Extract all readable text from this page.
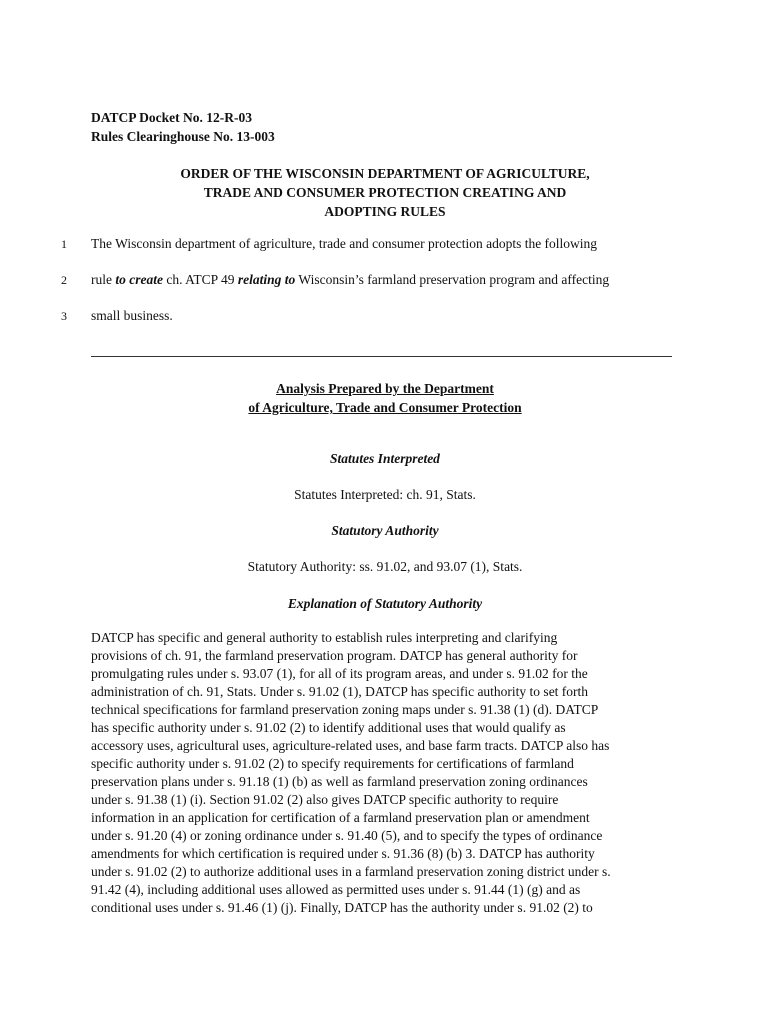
DATCP Docket No. 12-R-03
Rules Clearinghouse No. 13-003
ORDER OF THE WISCONSIN DEPARTMENT OF AGRICULTURE,
TRADE AND CONSUMER PROTECTION CREATING AND
ADOPTING RULES
1 The Wisconsin department of agriculture, trade and consumer protection adopts the following
2 rule to create ch. ATCP 49 relating to Wisconsin’s farmland preservation program and affecting
3 small business.
Analysis Prepared by the Department
of Agriculture, Trade and Consumer Protection
Statutes Interpreted
Statutes Interpreted: ch. 91, Stats.
Statutory Authority
Statutory Authority: ss. 91.02, and 93.07 (1), Stats.
Explanation of Statutory Authority
DATCP has specific and general authority to establish rules interpreting and clarifying
provisions of ch. 91, the farmland preservation program. DATCP has general authority for
promulgating rules under s. 93.07 (1), for all of its program areas, and under s. 91.02 for the
administration of ch. 91, Stats. Under s. 91.02 (1), DATCP has specific authority to set forth
technical specifications for farmland preservation zoning maps under s. 91.38 (1) (d). DATCP
has specific authority under s. 91.02 (2) to identify additional uses that would qualify as
accessory uses, agricultural uses, agriculture-related uses, and base farm tracts. DATCP also has
specific authority under s. 91.02 (2) to specify requirements for certifications of farmland
preservation plans under s. 91.18 (1) (b) as well as farmland preservation zoning ordinances
under s. 91.38 (1) (i). Section 91.02 (2) also gives DATCP specific authority to require
information in an application for certification of a farmland preservation plan or amendment
under s. 91.20 (4) or zoning ordinance under s. 91.40 (5), and to specify the types of ordinance
amendments for which certification is required under s. 91.36 (8) (b) 3. DATCP has authority
under s. 91.02 (2) to authorize additional uses in a farmland preservation zoning district under s.
91.42 (4), including additional uses allowed as permitted uses under s. 91.44 (1) (g) and as
conditional uses under s. 91.46 (1) (j). Finally, DATCP has the authority under s. 91.02 (2) to
